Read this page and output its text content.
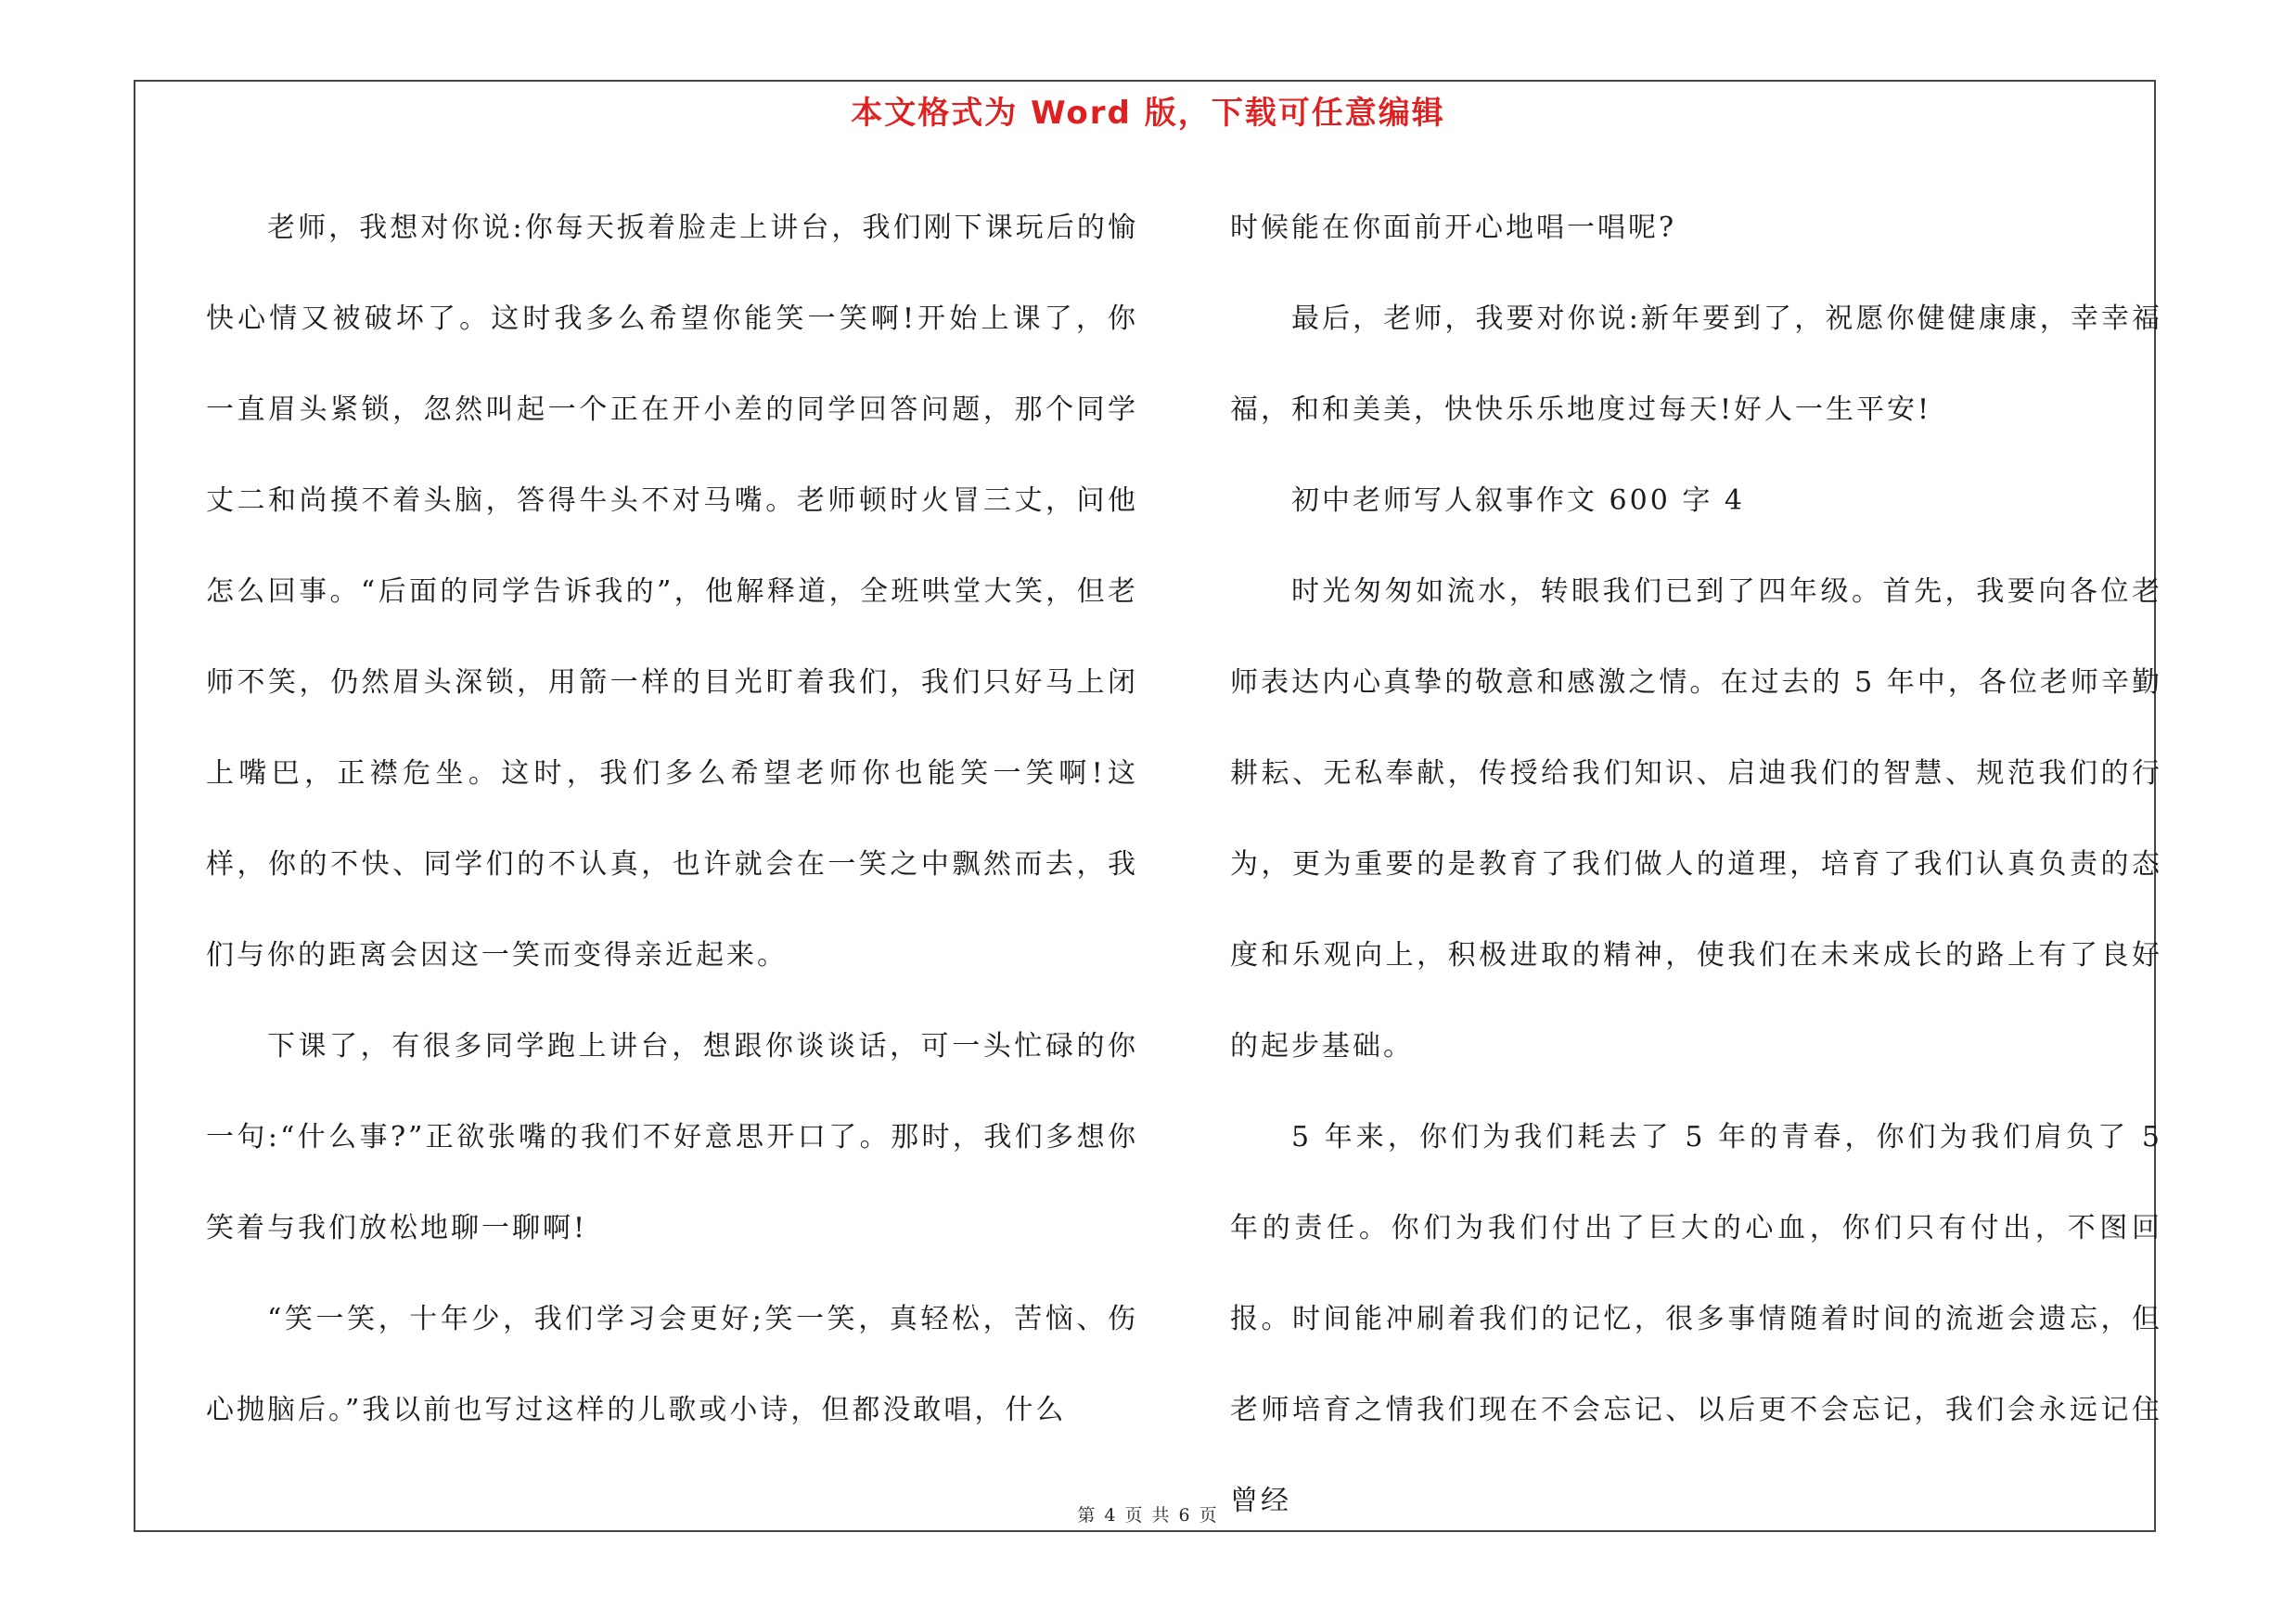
本文格式为 Word 版，下载可任意编辑

老师，我想对你说:你每天扳着脸走上讲台，我们刚下课玩后的愉快心情又被破坏了。这时我多么希望你能笑一笑啊!开始上课了，你一直眉头紧锁，忽然叫起一个正在开小差的同学回答问题，那个同学丈二和尚摸不着头脑，答得牛头不对马嘴。老师顿时火冒三丈，问他怎么回事。“后面的同学告诉我的”，他解释道，全班哄堂大笑，但老师不笑，仍然眉头深锁，用箭一样的目光盯着我们，我们只好马上闭上嘴巴，正襟危坐。这时，我们多么希望老师你也能笑一笑啊!这样，你的不快、同学们的不认真，也许就会在一笑之中飘然而去，我们与你的距离会因这一笑而变得亲近起来。

下课了，有很多同学跑上讲台，想跟你谈谈话，可一头忙碌的你一句:“什么事?”正欲张嘴的我们不好意思开口了。那时，我们多想你笑着与我们放松地聊一聊啊!

“笑一笑，十年少，我们学习会更好;笑一笑，真轻松，苦恼、伤心抛脑后。”我以前也写过这样的儿歌或小诗，但都没敢唱，什么

时候能在你面前开心地唱一唱呢?

最后，老师，我要对你说:新年要到了，祝愿你健健康康，幸幸福福，和和美美，快快乐乐地度过每天!好人一生平安!

初中老师写人叙事作文 600 字 4

时光匆匆如流水，转眼我们已到了四年级。首先，我要向各位老师表达内心真挚的敬意和感激之情。在过去的 5 年中，各位老师辛勤耕耘、无私奉献，传授给我们知识、启迪我们的智慧、规范我们的行为，更为重要的是教育了我们做人的道理，培育了我们认真负责的态度和乐观向上，积极进取的精神，使我们在未来成长的路上有了良好的起步基础。

5 年来，你们为我们耗去了 5 年的青春，你们为我们肩负了 5 年的责任。你们为我们付出了巨大的心血，你们只有付出，不图回报。时间能冲刷着我们的记忆，很多事情随着时间的流逝会遗忘，但老师培育之情我们现在不会忘记、以后更不会忘记，我们会永远记住曾经

第 4 页 共 6 页
